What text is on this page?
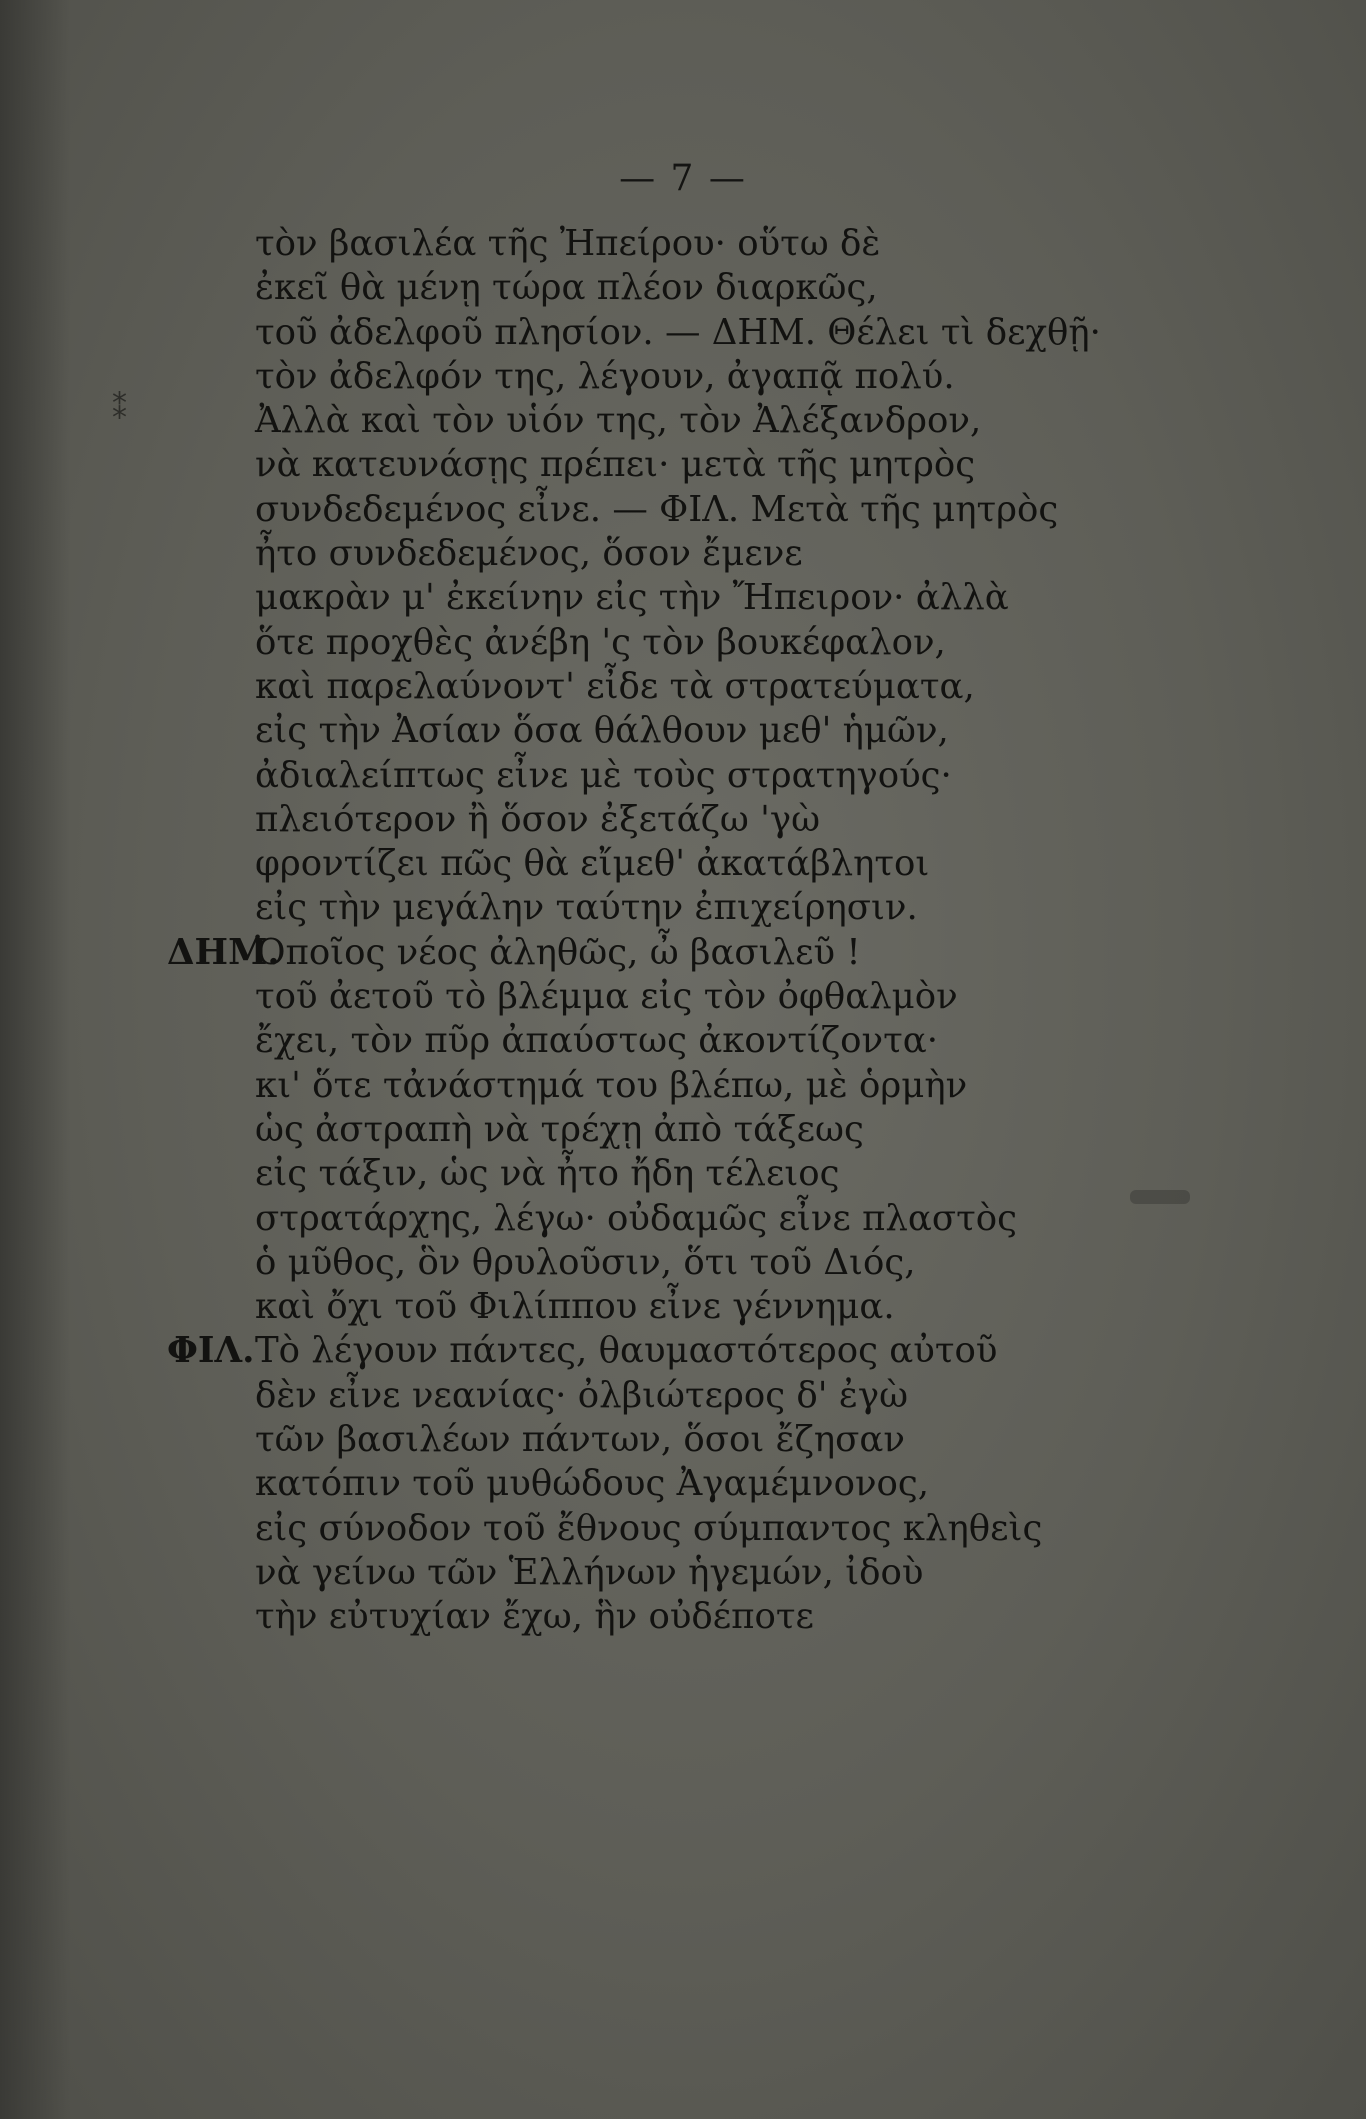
— 7 —
⁑
τὸν βασιλέα τῆς Ἠπείρου· οὕτω δὲ
ἐκεῖ θὰ μένῃ τώρα πλέον διαρκῶς,
τοῦ ἀδελφοῦ πλησίον. — ΔΗΜ. Θέλει τὶ δεχθῇ·
τὸν ἀδελφόν της, λέγουν, ἀγαπᾷ πολύ.
Ἀλλὰ καὶ τὸν υἱόν της, τὸν Ἀλέξανδρον,
νὰ κατευνάσῃς πρέπει· μετὰ τῆς μητρὸς
συνδεδεμένος εἶνε. — ΦΙΛ. Μετὰ τῆς μητρὸς
ἦτο συνδεδεμένος, ὅσον ἔμενε
μακρὰν μ' ἐκείνην εἰς τὴν Ἤπειρον· ἀλλὰ
ὅτε προχθὲς ἀνέβη 'ς τὸν βουκέφαλον,
καὶ παρελαύνοντ' εἶδε τὰ στρατεύματα,
εἰς τὴν Ἀσίαν ὅσα θάλθουν μεθ' ἡμῶν,
ἀδιαλείπτως εἶνε μὲ τοὺς στρατηγούς·
πλειότερον ἢ ὅσον ἐξετάζω 'γὼ
φροντίζει πῶς θὰ εἴμεθ' ἀκατάβλητοι
εἰς τὴν μεγάλην ταύτην ἐπιχείρησιν.
ΔΗΜ.
Ὁποῖος νέος ἀληθῶς, ὦ βασιλεῦ !
τοῦ ἀετοῦ τὸ βλέμμα εἰς τὸν ὀφθαλμὸν
ἔχει, τὸν πῦρ ἀπαύστως ἀκοντίζοντα·
κι' ὅτε τἀνάστημά του βλέπω, μὲ ὁρμὴν
ὡς ἀστραπὴ νὰ τρέχῃ ἀπὸ τάξεως
εἰς τάξιν, ὡς νὰ ἦτο ἤδη τέλειος
στρατάρχης, λέγω· οὐδαμῶς εἶνε πλαστὸς
ὁ μῦθος, ὃν θρυλοῦσιν, ὅτι τοῦ Διός,
καὶ ὄχι τοῦ Φιλίππου εἶνε γέννημα.
ΦΙΛ. Τὸ λέγουν πάντες, θαυμαστότερος αὐτοῦ
δὲν εἶνε νεανίας· ὀλβιώτερος δ' ἐγὼ
τῶν βασιλέων πάντων, ὅσοι ἔζησαν
κατόπιν τοῦ μυθώδους Ἀγαμέμνονος,
εἰς σύνοδον τοῦ ἔθνους σύμπαντος κληθεὶς
νὰ γείνω τῶν Ἑλλήνων ἡγεμών, ἰδοὺ
τὴν εὐτυχίαν ἔχω, ἣν οὐδέποτε
